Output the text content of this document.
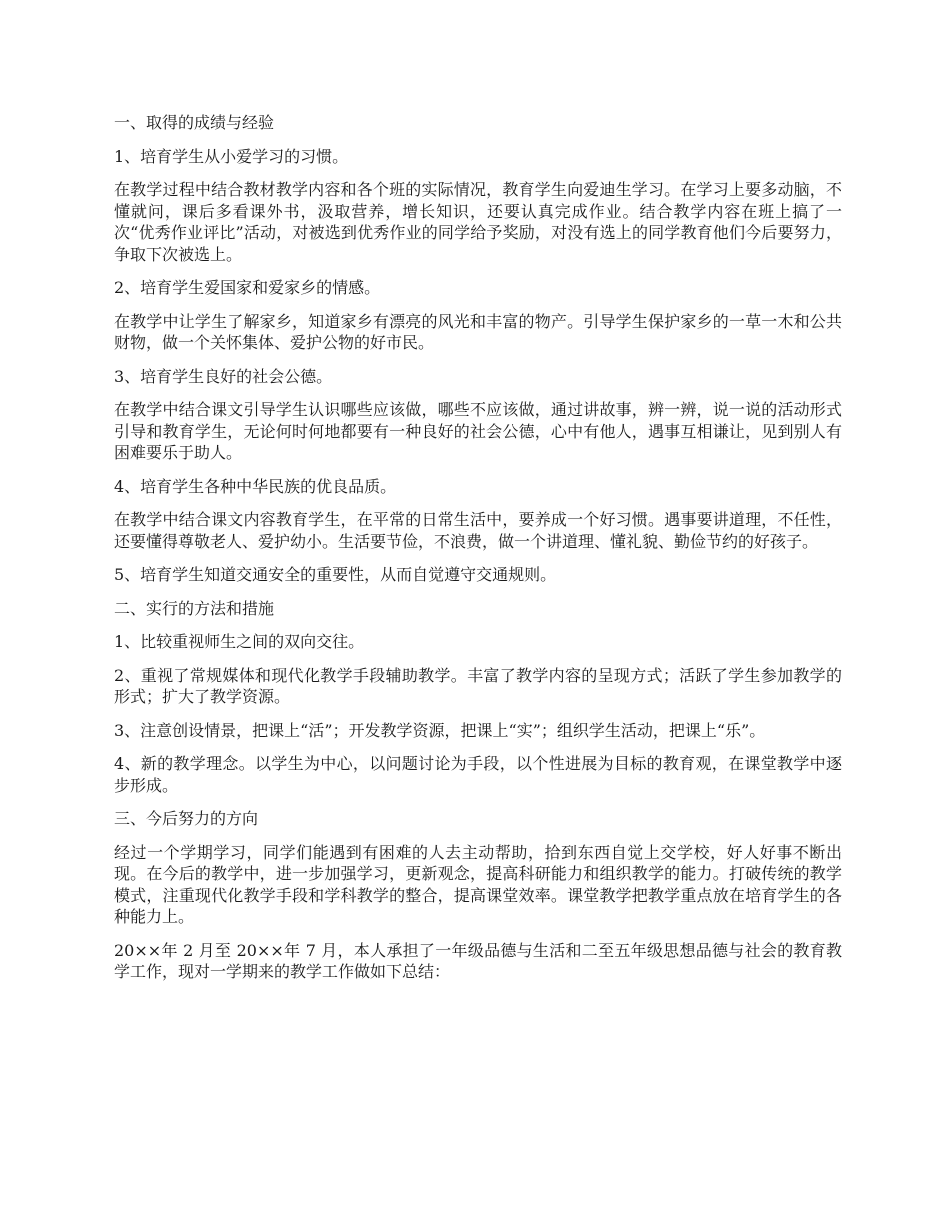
一、取得的成绩与经验

1、培育学生从小爱学习的习惯。

在教学过程中结合教材教学内容和各个班的实际情况，教育学生向爱迪生学习。在学习上要多动脑，不懂就问，课后多看课外书，汲取营养，增长知识，还要认真完成作业。结合教学内容在班上搞了一次“优秀作业评比”活动，对被选到优秀作业的同学给予奖励，对没有选上的同学教育他们今后要努力，争取下次被选上。

2、培育学生爱国家和爱家乡的情感。

在教学中让学生了解家乡，知道家乡有漂亮的风光和丰富的物产。引导学生保护家乡的一草一木和公共财物，做一个关怀集体、爱护公物的好市民。

3、培育学生良好的社会公德。

在教学中结合课文引导学生认识哪些应该做，哪些不应该做，通过讲故事，辨一辨，说一说的活动形式引导和教育学生，无论何时何地都要有一种良好的社会公德，心中有他人，遇事互相谦让，见到别人有困难要乐于助人。

4、培育学生各种中华民族的优良品质。

在教学中结合课文内容教育学生，在平常的日常生活中，要养成一个好习惯。遇事要讲道理，不任性，还要懂得尊敬老人、爱护幼小。生活要节俭，不浪费，做一个讲道理、懂礼貌、勤俭节约的好孩子。

5、培育学生知道交通安全的重要性，从而自觉遵守交通规则。

二、实行的方法和措施

1、比较重视师生之间的双向交往。

2、重视了常规媒体和现代化教学手段辅助教学。丰富了教学内容的呈现方式；活跃了学生参加教学的形式；扩大了教学资源。

3、注意创设情景，把课上“活”；开发教学资源，把课上“实”；组织学生活动，把课上“乐”。

4、新的教学理念。以学生为中心，以问题讨论为手段，以个性进展为目标的教育观，在课堂教学中逐步形成。

三、今后努力的方向

经过一个学期学习，同学们能遇到有困难的人去主动帮助，拾到东西自觉上交学校，好人好事不断出现。在今后的教学中，进一步加强学习，更新观念，提高科研能力和组织教学的能力。打破传统的教学模式，注重现代化教学手段和学科教学的整合，提高课堂效率。课堂教学把教学重点放在培育学生的各种能力上。

20××年 2 月至 20××年 7 月，本人承担了一年级品德与生活和二至五年级思想品德与社会的教育教学工作，现对一学期来的教学工作做如下总结：
